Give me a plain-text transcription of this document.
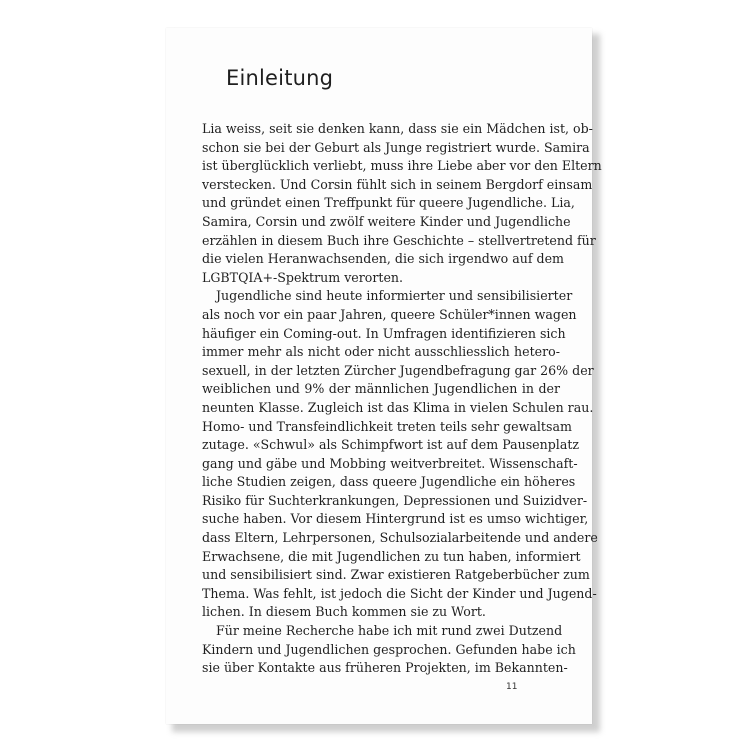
Einleitung

Lia weiss, seit sie denken kann, dass sie ein Mädchen ist, ob-
schon sie bei der Geburt als Junge registriert wurde. Samira
ist überglücklich verliebt, muss ihre Liebe aber vor den Eltern
verstecken. Und Corsin fühlt sich in seinem Bergdorf einsam
und gründet einen Treffpunkt für queere Jugendliche. Lia,
Samira, Corsin und zwölf weitere Kinder und Jugendliche
erzählen in diesem Buch ihre Geschichte – stellvertretend für
die vielen Heranwachsenden, die sich irgendwo auf dem
LGBTQIA+-Spektrum verorten.

Jugendliche sind heute informierter und sensibilisierter
als noch vor ein paar Jahren, queere Schüler*innen wagen
häufiger ein Coming-out. In Umfragen identifizieren sich
immer mehr als nicht oder nicht ausschliesslich hetero-
sexuell, in der letzten Zürcher Jugendbefragung gar 26% der
weiblichen und 9% der männlichen Jugendlichen in der
neunten Klasse. Zugleich ist das Klima in vielen Schulen rau.
Homo- und Transfeindlichkeit treten teils sehr gewaltsam
zutage. «Schwul» als Schimpfwort ist auf dem Pausenplatz
gang und gäbe und Mobbing weitverbreitet. Wissenschaft-
liche Studien zeigen, dass queere Jugendliche ein höheres
Risiko für Suchterkrankungen, Depressionen und Suizidver-
suche haben. Vor diesem Hintergrund ist es umso wichtiger,
dass Eltern, Lehrpersonen, Schulsozialarbeitende und andere
Erwachsene, die mit Jugendlichen zu tun haben, informiert
und sensibilisiert sind. Zwar existieren Ratgeberbücher zum
Thema. Was fehlt, ist jedoch die Sicht der Kinder und Jugend-
lichen. In diesem Buch kommen sie zu Wort.

Für meine Recherche habe ich mit rund zwei Dutzend
Kindern und Jugendlichen gesprochen. Gefunden habe ich
sie über Kontakte aus früheren Projekten, im Bekannten-

11
